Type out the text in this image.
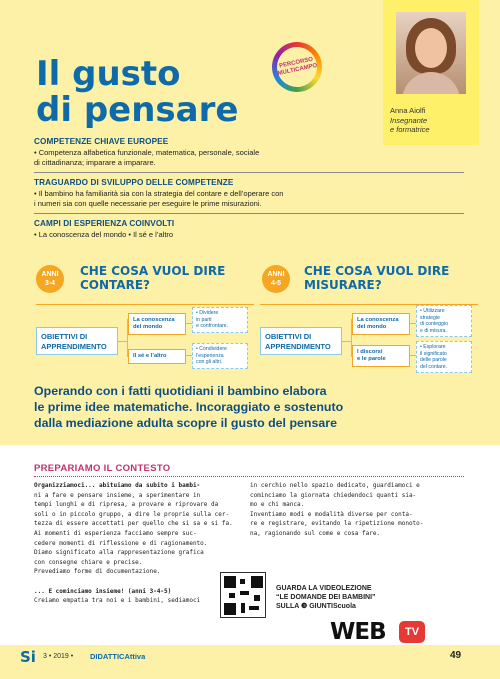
Il gusto
di pensare
PERCORSO MULTICAMPO
Anna Aiolfi
Insegnante
e formatrice
COMPETENZE CHIAVE EUROPEE
• Competenza alfabetica funzionale, matematica, personale, sociale
di cittadinanza; imparare a imparare.
TRAGUARDO DI SVILUPPO DELLE COMPETENZE
• Il bambino ha familiarità sia con la strategia del contare e dell’operare con
i numeri sia con quelle necessarie per eseguire le prime misurazioni.
CAMPI DI ESPERIENZA COINVOLTI
• La conoscenza del mondo • Il sé e l’altro
ANNI
3-4
CHE COSA VUOL DIRE
CONTARE?
OBIETTIVI DI
APPRENDIMENTO
La conoscenza
del mondo
Il sé e l’altro
• Dividere
in parti
e confrontare.
• Condividere
l’esperienza
con gli altri.
ANNI
4-5
CHE COSA VUOL DIRE
MISURARE?
OBIETTIVI DI
APPRENDIMENTO
La conoscenza
del mondo
I discorsi
e le parole
• Utilizzare
strategie
di conteggio
e di misura.
• Esplorare
il significato
delle parole
del contare.
Operando con i fatti quotidiani il bambino elabora
le prime idee matematiche. Incoraggiato e sostenuto
dalla mediazione adulta scopre il gusto del pensare
PREPARIAMO IL CONTESTO

Organizziamoci... abituiamo da subito i bambi-

ni a fare e pensare insieme, a sperimentare in

tempi lunghi e di ripresa, a provare e riprovare da

soli o in piccolo gruppo, a dire le proprie sulla cer-

tezza di essere accettati per quello che si sa e si fa.

Ai momenti di esperienza facciamo sempre suc-

cedere momenti di riflessione e di ragionamento.

Diamo significato alla rappresentazione grafica

con consegne chiare e precise.

Prevediamo forme di documentazione.

... E cominciamo insieme! (anni 3-4-5)

Creiamo empatia tra noi e i bambini, sediamoci

in cerchio nello spazio dedicato, guardiamoci e

cominciamo la giornata chiedendoci quanti sia-

mo e chi manca.

Inventiamo modi e modalità diverse per conta-

re e registrare, evitando la ripetizione monoto-

na, ragionando sul come e cosa fare.

GUARDA LA VIDEOLEZIONE
“LE DOMANDE DEI BAMBINI”
SULLA ❸ GIUNTIScuola
WEB	TV
Si 3 • 2019 • DIDATTICAttiva	49
